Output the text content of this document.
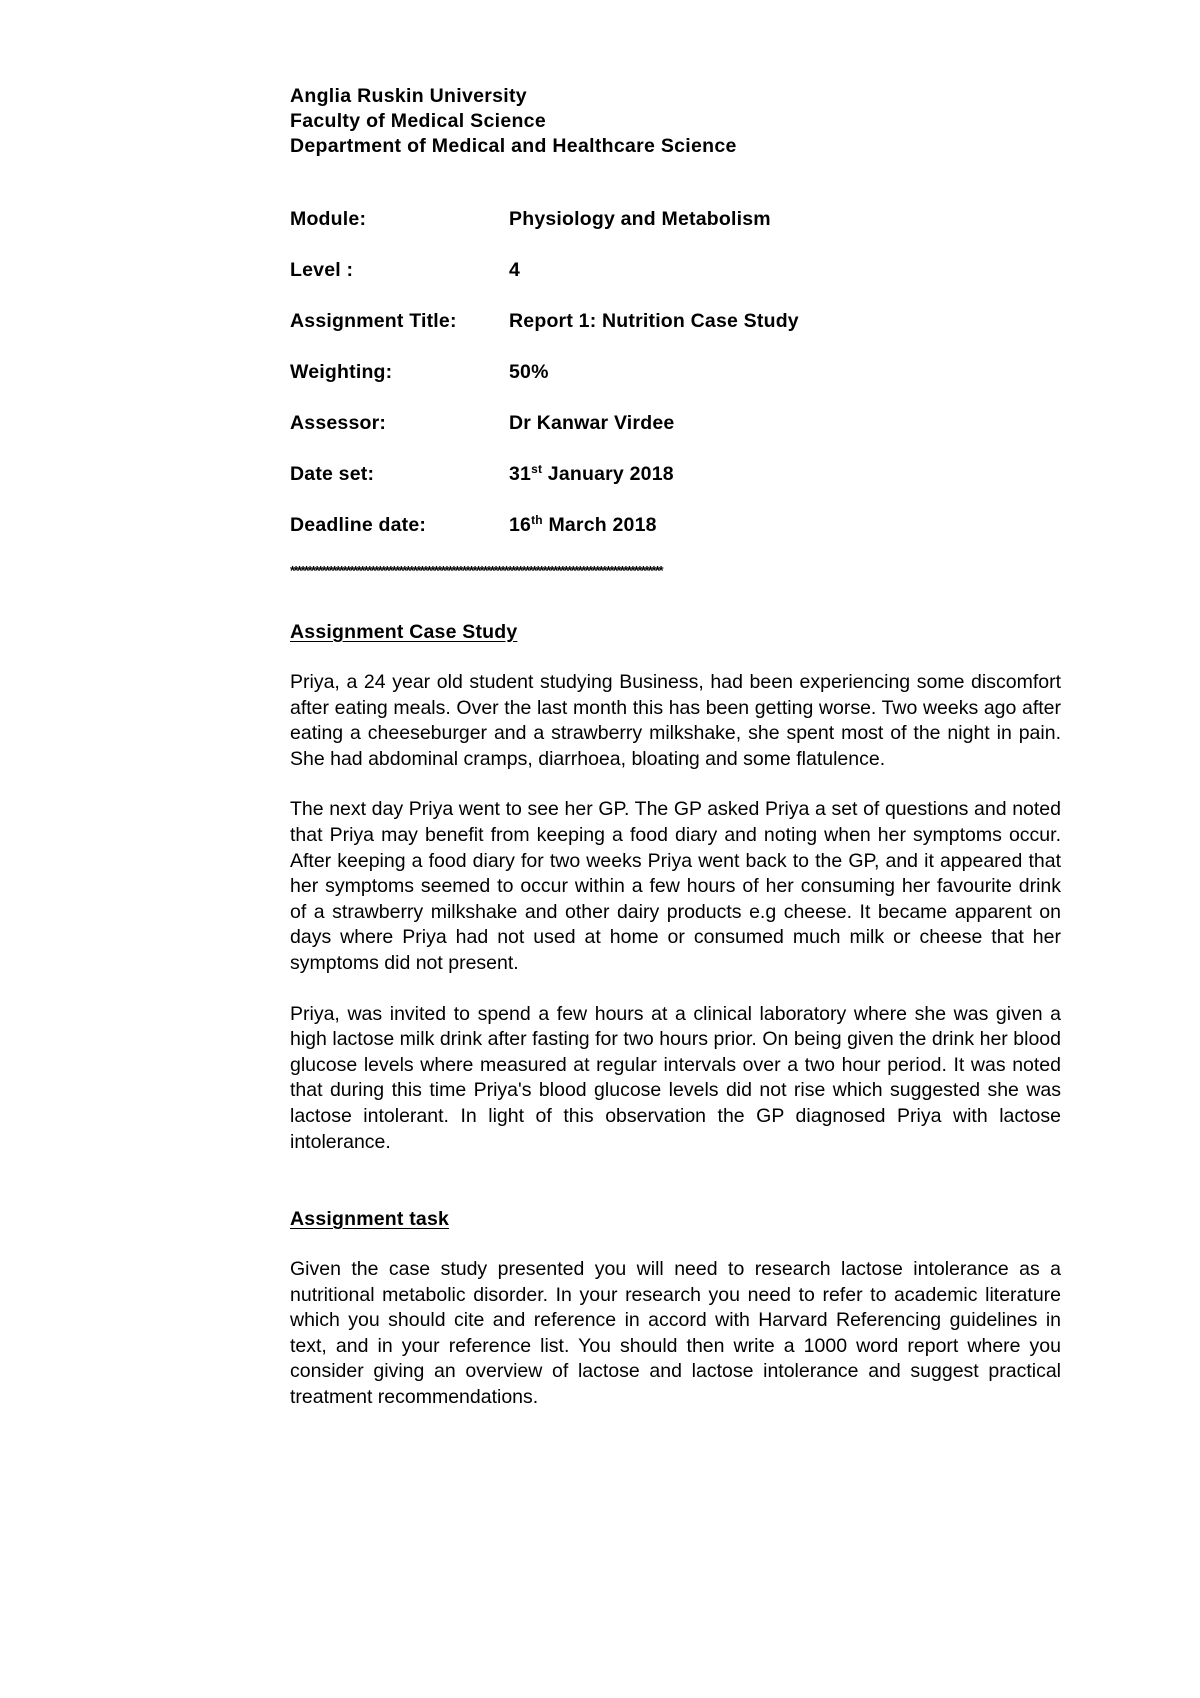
Anglia Ruskin University

Faculty of Medical Science

Department of Medical and Healthcare Science

Module:	Physiology and Metabolism
Level :	4
Assignment Title:	Report 1: Nutrition Case Study
Weighting:	50%
Assessor:	Dr Kanwar Virdee
Date set:	31st January 2018
Deadline date:	16th March 2018
**********************************************************************************************************
Assignment Case Study

Priya, a 24 year old student studying Business, had been experiencing some discomfort after eating meals. Over the last month this has been getting worse. Two weeks ago after eating a cheeseburger and a strawberry milkshake, she spent most of the night in pain. She had abdominal cramps, diarrhoea, bloating and some flatulence.

The next day Priya went to see her GP. The GP asked Priya a set of questions and noted that Priya may benefit from keeping a food diary and noting when her symptoms occur. After keeping a food diary for two weeks Priya went back to the GP, and it appeared that her symptoms seemed to occur within a few hours of her consuming her favourite drink of a strawberry milkshake and other dairy products e.g cheese. It became apparent on days where Priya had not used at home or consumed much milk or cheese that her symptoms did not present.

Priya, was invited to spend a few hours at a clinical laboratory where she was given a high lactose milk drink after fasting for two hours prior. On being given the drink her blood glucose levels where measured at regular intervals over a two hour period. It was noted that during this time Priya's blood glucose levels did not rise which suggested she was lactose intolerant. In light of this observation the GP diagnosed Priya with lactose intolerance.

Assignment task

Given the case study presented you will need to research lactose intolerance as a nutritional metabolic disorder. In your research you need to refer to academic literature which you should cite and reference in accord with Harvard Referencing guidelines in text, and in your reference list. You should then write a 1000 word report where you consider giving an overview of lactose and lactose intolerance and suggest practical treatment recommendations.
